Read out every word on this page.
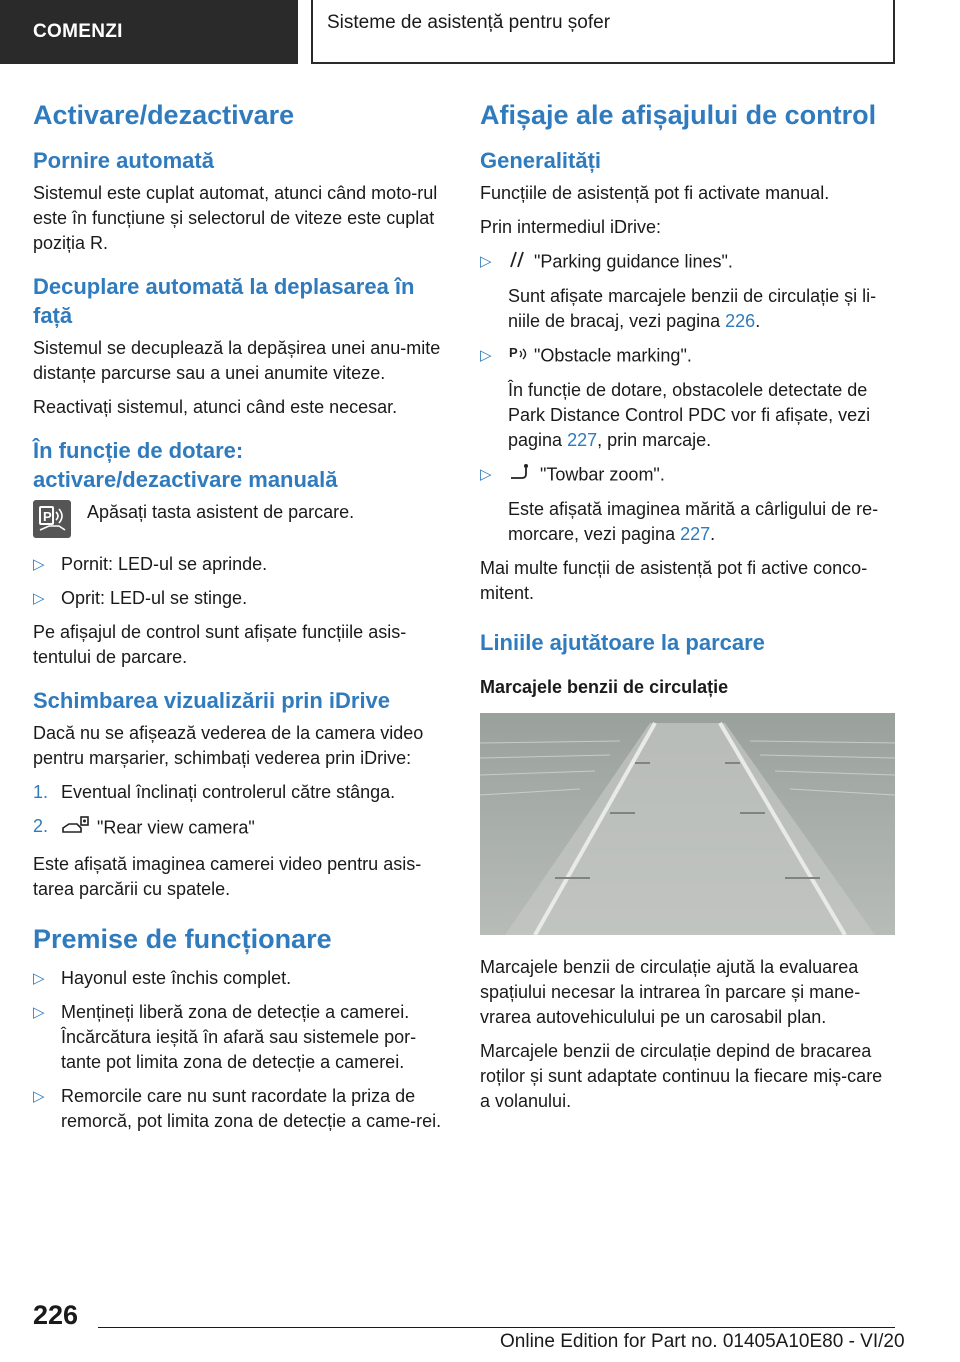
COMENZI	Sisteme de asistență pentru șofer
Activare/dezactivare
Pornire automată

Sistemul este cuplat automat, atunci când moto-rul este în funcțiune și selectorul de viteze este cuplat poziția R.

Decuplare automată la deplasarea în față

Sistemul se decuplează la depășirea unei anu-mite distanțe parcurse sau a unei anumite viteze.

Reactivați sistemul, atunci când este necesar.

În funcție de dotare: activare/dezactivare manuală
P Apăsați tasta asistent de parcare.

▷ Pornit: LED-ul se aprinde.
▷ Oprit: LED-ul se stinge.

Pe afișajul de control sunt afișate funcțiile asis-tentului de parcare.

Schimbarea vizualizării prin iDrive

Dacă nu se afișează vederea de la camera video pentru marșarier, schimbați vederea prin iDrive:

1. Eventual înclinați controlerul către stânga.
2.	"Rear view camera"

Este afișată imaginea camerei video pentru asis-tarea parcării cu spatele.

Premise de funcționare
▷ Hayonul este închis complet.
▷ Mențineți liberă zona de detecție a camerei. Încărcătura ieșită în afară sau sistemele por-tante pot limita zona de detecție a camerei.
▷ Remorcile care nu sunt racordate la priza de remorcă, pot limita zona de detecție a came-rei.
Afișaje ale afișajului de control
Generalități

Funcțiile de asistență pot fi activate manual.

Prin intermediul iDrive:

▷ "Parking guidance lines".
Sunt afișate marcajele benzii de circulație și li-niile de bracaj, vezi pagina 226.
▷ P "Obstacle marking".
În funcție de dotare, obstacolele detectate de Park Distance Control PDC vor fi afișate, vezi pagina 227, prin marcaje.
▷	"Towbar zoom".
Este afișată imaginea mărită a cârligului de re-morcare, vezi pagina 227.

Mai multe funcții de asistență pot fi active conco-mitent.

Liniile ajutătoare la parcare
Marcajele benzii de circulație

Marcajele benzii de circulație ajută la evaluarea spațiului necesar la intrarea în parcare și mane-vrarea autovehiculului pe un carosabil plan.

Marcajele benzii de circulație depind de bracarea roților și sunt adaptate continuu la fiecare miș-care a volanului.

226
Online Edition for Part no. 01405A10E80 - VI/20
